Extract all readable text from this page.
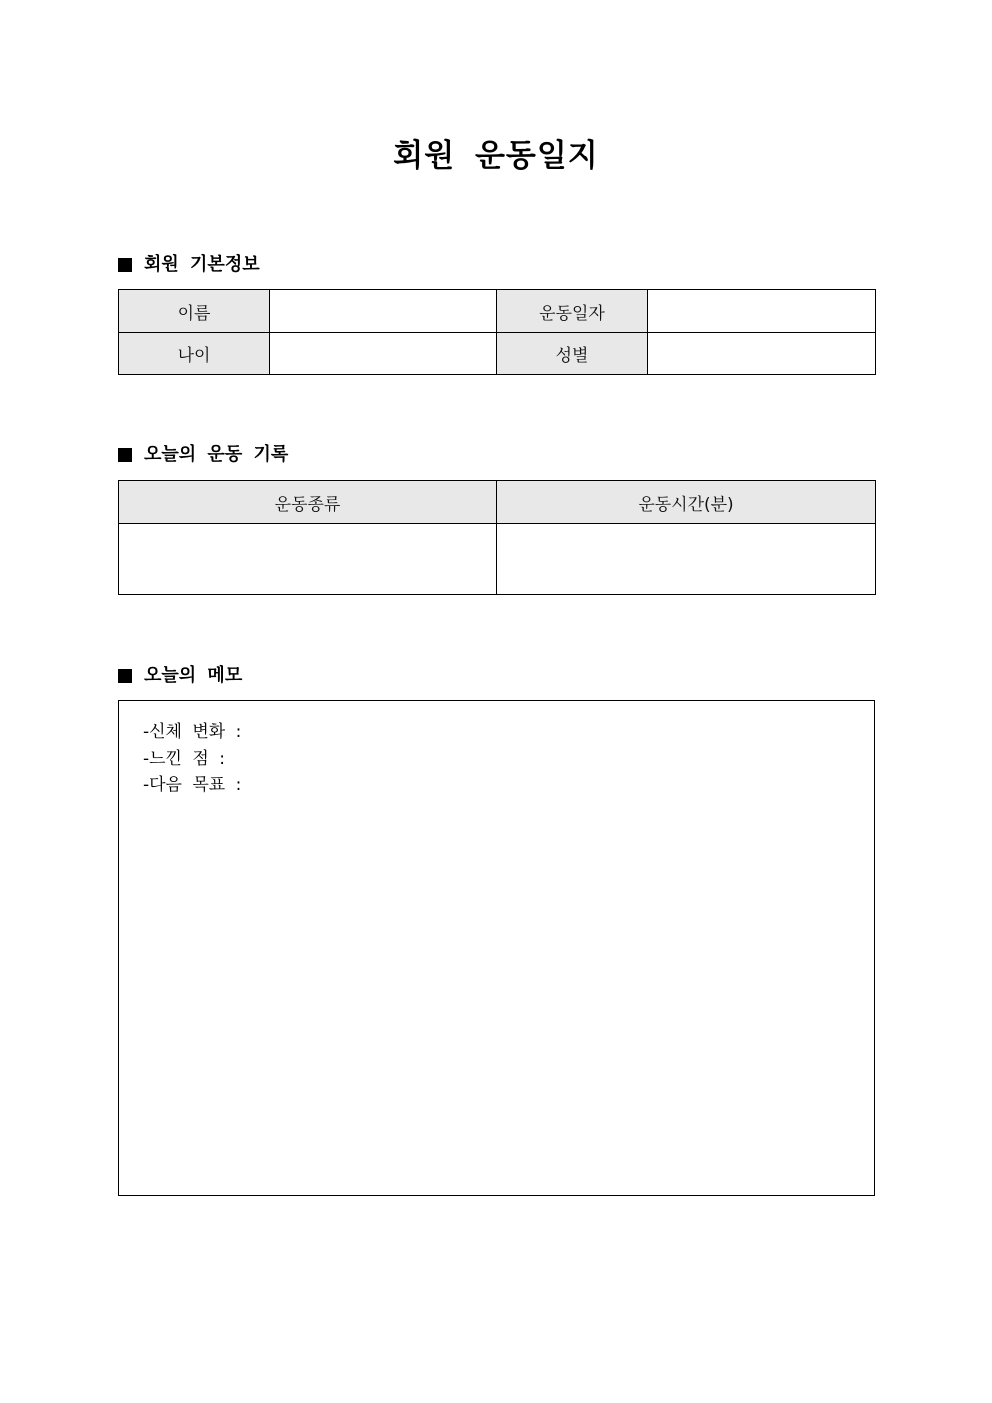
회원 운동일지
회원 기본정보
이름		운동일자	
나이		성별	
오늘의 운동 기록
운동종류	운동시간(분)

오늘의 메모
-신체 변화 :
-느낀 점 :
-다음 목표 :
